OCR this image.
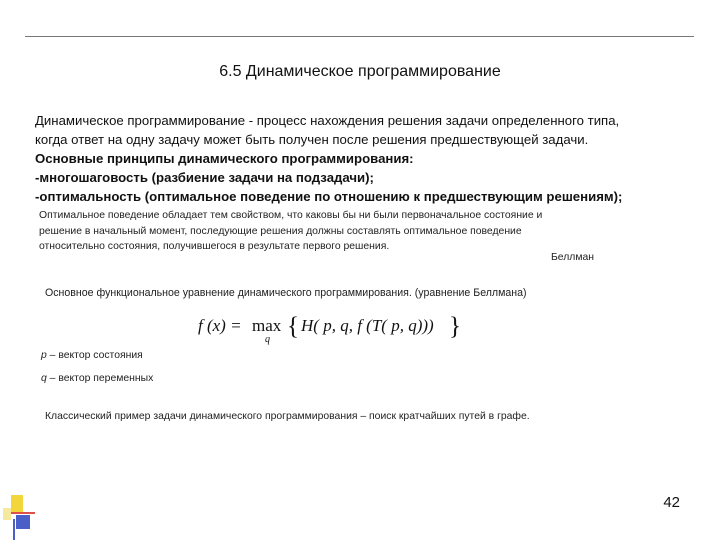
6.5 Динамическое программирование

Динамическое программирование - процесс нахождения решения задачи определенного типа,

когда ответ на одну задачу может быть получен после решения предшествующей задачи.

Основные принципы динамического программирования:

-многошаговость (разбиение задачи на подзадачи);

-оптимальность (оптимальное поведение по отношению к предшествующим решениям);

Оптимальное поведение обладает тем свойством, что каковы бы ни были первоначальное состояние и

решение в начальный момент, последующие решения должны составлять оптимальное поведение

относительно состояния, получившегося в результате первого решения.

Беллман
Основное функциональное уравнение динамического программирования. (уравнение Беллмана)
f (x) = max
q { H( p, q, f (T( p, q))) }
p – вектор состояния
q – вектор переменных
Классический пример задачи динамического программирования – поиск кратчайших путей в графе.
42
